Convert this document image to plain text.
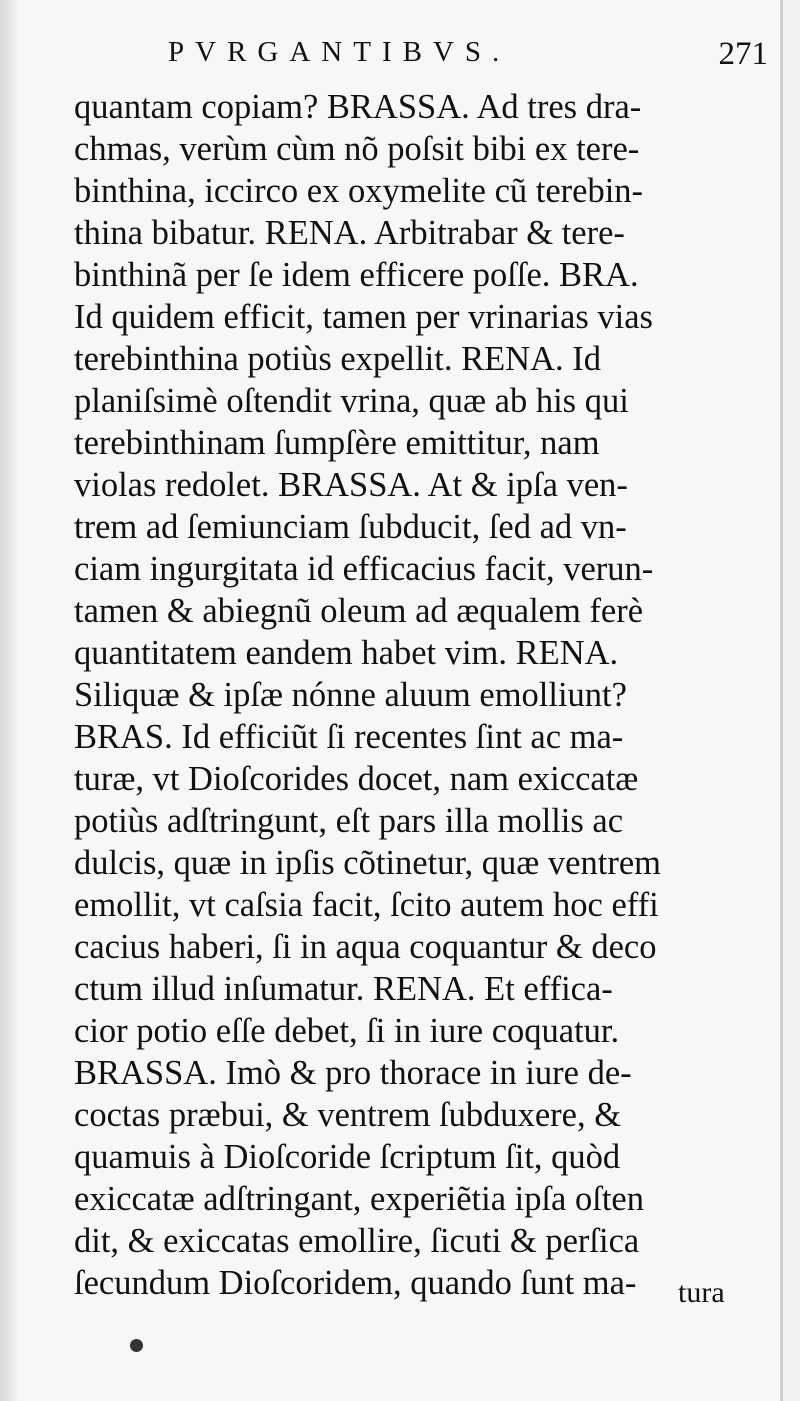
PVRGANTIBVS.	271
quantam copiam? BRASSA. Ad tres dra-
chmas, verùm cùm nõ poſsit bibi ex tere-
binthina, iccirco ex oxymelite cũ terebin-
thina bibatur. RENA. Arbitrabar & tere-
binthinã per ſe idem efficere poſſe. BRA.
Id quidem efficit, tamen per vrinarias vias
terebinthina potiùs expellit. RENA. Id
planiſsimè oſtendit vrina, quæ ab his qui
terebinthinam ſumpſère emittitur, nam
violas redolet. BRASSA. At & ipſa ven-
trem ad ſemiunciam ſubducit, ſed ad vn-
ciam ingurgitata id efficacius facit, verun-
tamen & abiegnũ oleum ad æqualem ferè
quantitatem eandem habet vim. RENA.
Siliquæ & ipſæ nónne aluum emolliunt?
BRAS. Id efficiũt ſi recentes ſint ac ma-
turæ, vt Dioſcorides docet, nam exiccatæ
potiùs adſtringunt, eſt pars illa mollis ac
dulcis, quæ in ipſis cõtinetur, quæ ventrem
emollit, vt caſsia facit, ſcito autem hoc effi
cacius haberi, ſi in aqua coquantur & deco
ctum illud inſumatur. RENA. Et effica-
cior potio eſſe debet, ſi in iure coquatur.
BRASSA. Imò & pro thorace in iure de-
coctas præbui, & ventrem ſubduxere, &
quamuis à Dioſcoride ſcriptum ſit, quòd
exiccatæ adſtringant, experiẽtia ipſa oſten
dit, & exiccatas emollire, ſicuti & perſica
ſecundum Dioſcoridem, quando ſunt ma-	tura
